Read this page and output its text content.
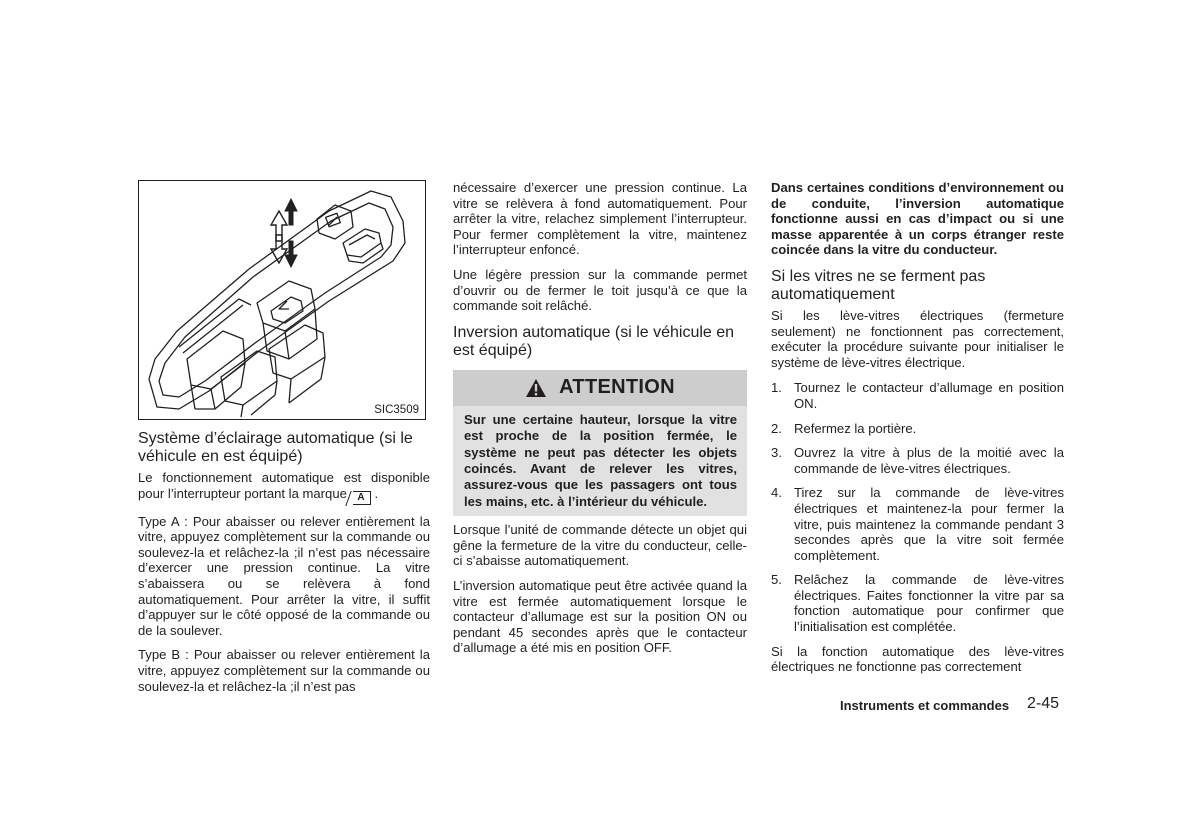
SIC3509
Système d’éclairage automatique (si le véhicule en est équipé)

Le fonctionnement automatique est disponible pour l’interrupteur portant la marque A .

Type A : Pour abaisser ou relever entièrement la vitre, appuyez complètement sur la commande ou soulevez-la et relâchez-la ;il n’est pas nécessaire d’exercer une pression continue. La vitre s’abaissera ou se relèvera à fond automatiquement. Pour arrêter la vitre, il suffit d’appuyer sur le côté opposé de la commande ou de la soulever.

Type B : Pour abaisser ou relever entièrement la vitre, appuyez complètement sur la commande ou soulevez-la et relâchez-la ;il n’est pas

nécessaire d’exercer une pression continue. La vitre se relèvera à fond automatiquement. Pour arrêter la vitre, relachez simplement l’interrupteur. Pour fermer complètement la vitre, maintenez l’interrupteur enfoncé.

Une légère pression sur la commande permet d’ouvrir ou de fermer le toit jusqu’à ce que la commande soit relâché.

Inversion automatique (si le véhicule en est équipé)
ATTENTION

Sur une certaine hauteur, lorsque la vitre est proche de la position fermée, le système ne peut pas détecter les objets coincés. Avant de relever les vitres, assurez-vous que les passagers ont tous les mains, etc. à l’intérieur du véhicule.

Lorsque l’unité de commande détecte un objet qui gêne la fermeture de la vitre du conducteur, celle-ci s’abaisse automatiquement.

L’inversion automatique peut être activée quand la vitre est fermée automatiquement lorsque le contacteur d’allumage est sur la position ON ou pendant 45 secondes après que le contacteur d’allumage a été mis en position OFF.

Dans certaines conditions d’environnement ou de conduite, l’inversion automatique fonctionne aussi en cas d’impact ou si une masse apparentée à un corps étranger reste coincée dans la vitre du conducteur.

Si les vitres ne se ferment pas automatiquement

Si les lève-vitres électriques (fermeture seulement) ne fonctionnent pas correctement, exécuter la procédure suivante pour initialiser le système de lève-vitres électrique.

1. Tournez le contacteur d’allumage en position ON.
2. Refermez la portière.
3. Ouvrez la vitre à plus de la moitié avec la commande de lève-vitres électriques.
4. Tirez sur la commande de lève-vitres électriques et maintenez-la pour fermer la vitre, puis maintenez la commande pendant 3 secondes après que la vitre soit fermée complètement.
5. Relâchez la commande de lève-vitres électriques. Faites fonctionner la vitre par sa fonction automatique pour confirmer que l’initialisation est complétée.

Si la fonction automatique des lève-vitres électriques ne fonctionne pas correctement

Instruments et commandes 2-45
